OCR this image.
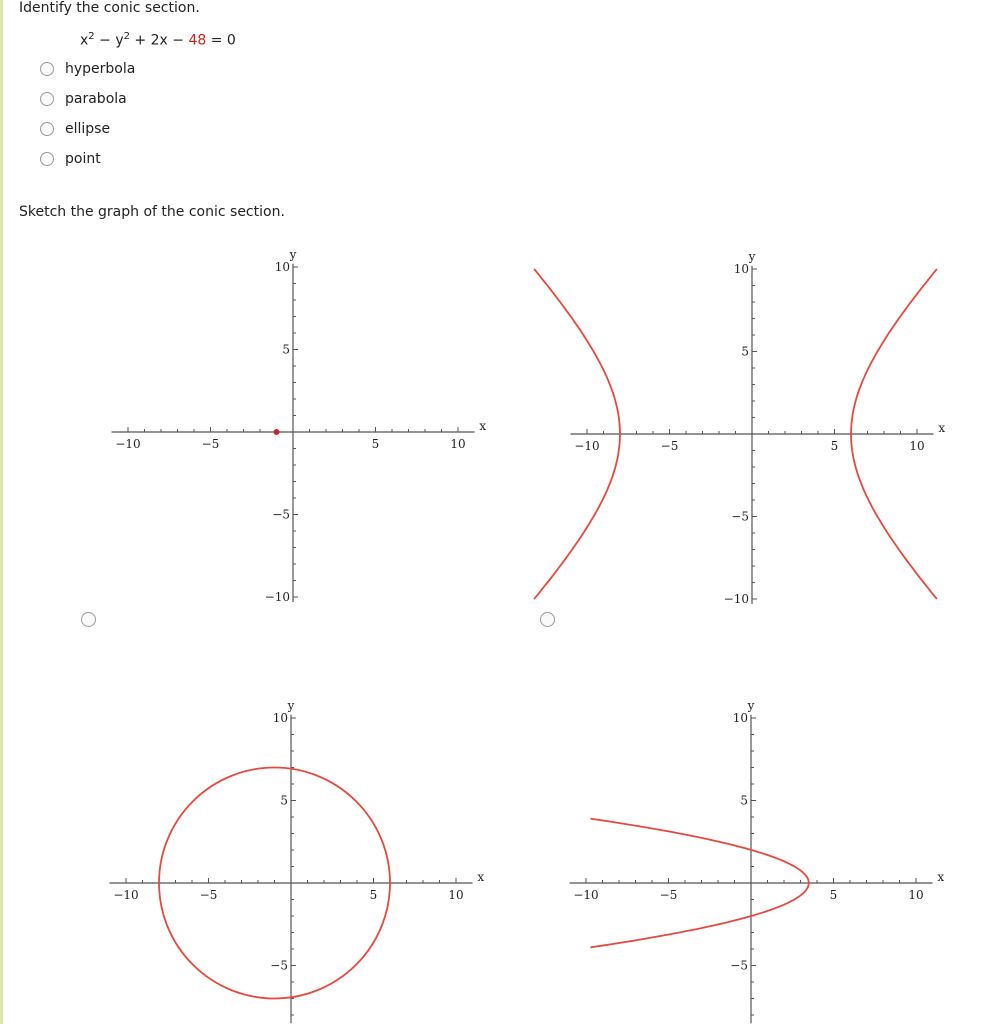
Identify the conic section.
$x^2 - y^2 + 2x - 48 = 0$
hyperbola
parabola
ellipse
point
Sketch the graph of the conic section.
−10	−5	5	10
10
5
−5
−10
x
y
−10	−5	5	10
10
5
−5
−10
x
y
−10	−5	5	10
10
5
−5
x
y
−10	−5	5	10
10
5
−5
x
y
